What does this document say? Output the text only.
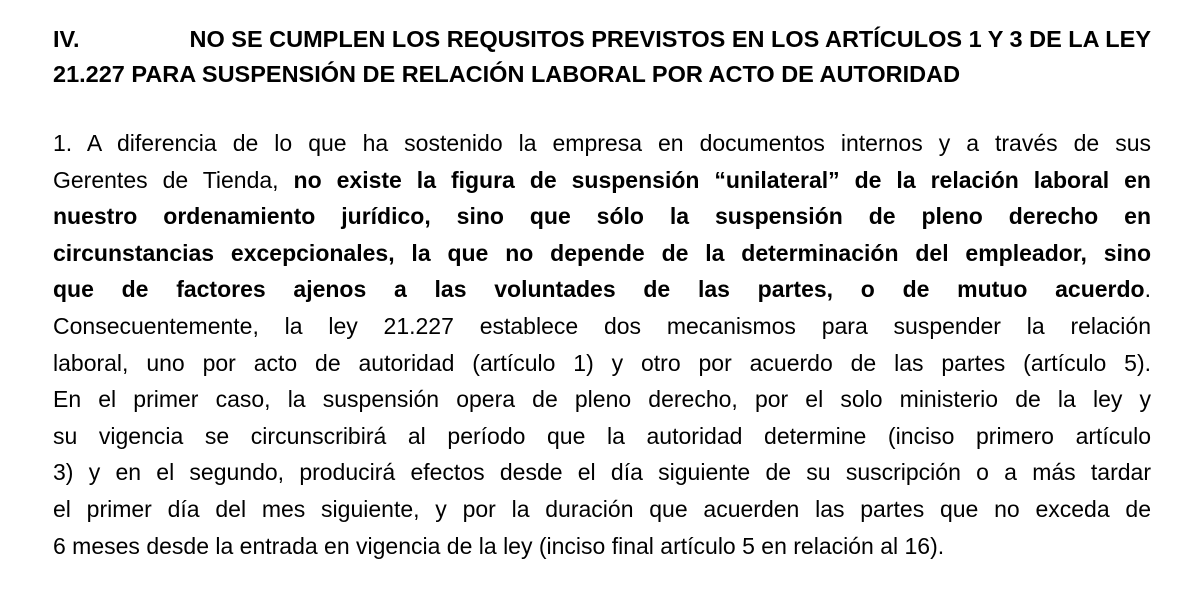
IV.	NO SE CUMPLEN LOS REQUSITOS PREVISTOS EN LOS ARTÍCULOS 1 Y 3 DE LA LEY
21.227 PARA SUSPENSIÓN DE RELACIÓN LABORAL POR ACTO DE AUTORIDAD
1. A diferencia de lo que ha sostenido la empresa en documentos internos y a través de sus
Gerentes de Tienda, no existe la figura de suspensión “unilateral” de la relación laboral en
nuestro ordenamiento jurídico, sino que sólo la suspensión de pleno derecho en
circunstancias excepcionales, la que no depende de la determinación del empleador, sino
que de factores ajenos a las voluntades de las partes, o de mutuo acuerdo.
Consecuentemente, la ley 21.227 establece dos mecanismos para suspender la relación
laboral, uno por acto de autoridad (artículo 1) y otro por acuerdo de las partes (artículo 5).
En el primer caso, la suspensión opera de pleno derecho, por el solo ministerio de la ley y
su vigencia se circunscribirá al período que la autoridad determine (inciso primero artículo
3) y en el segundo, producirá efectos desde el día siguiente de su suscripción o a más tardar
el primer día del mes siguiente, y por la duración que acuerden las partes que no exceda de
6 meses desde la entrada en vigencia de la ley (inciso final artículo 5 en relación al 16).
